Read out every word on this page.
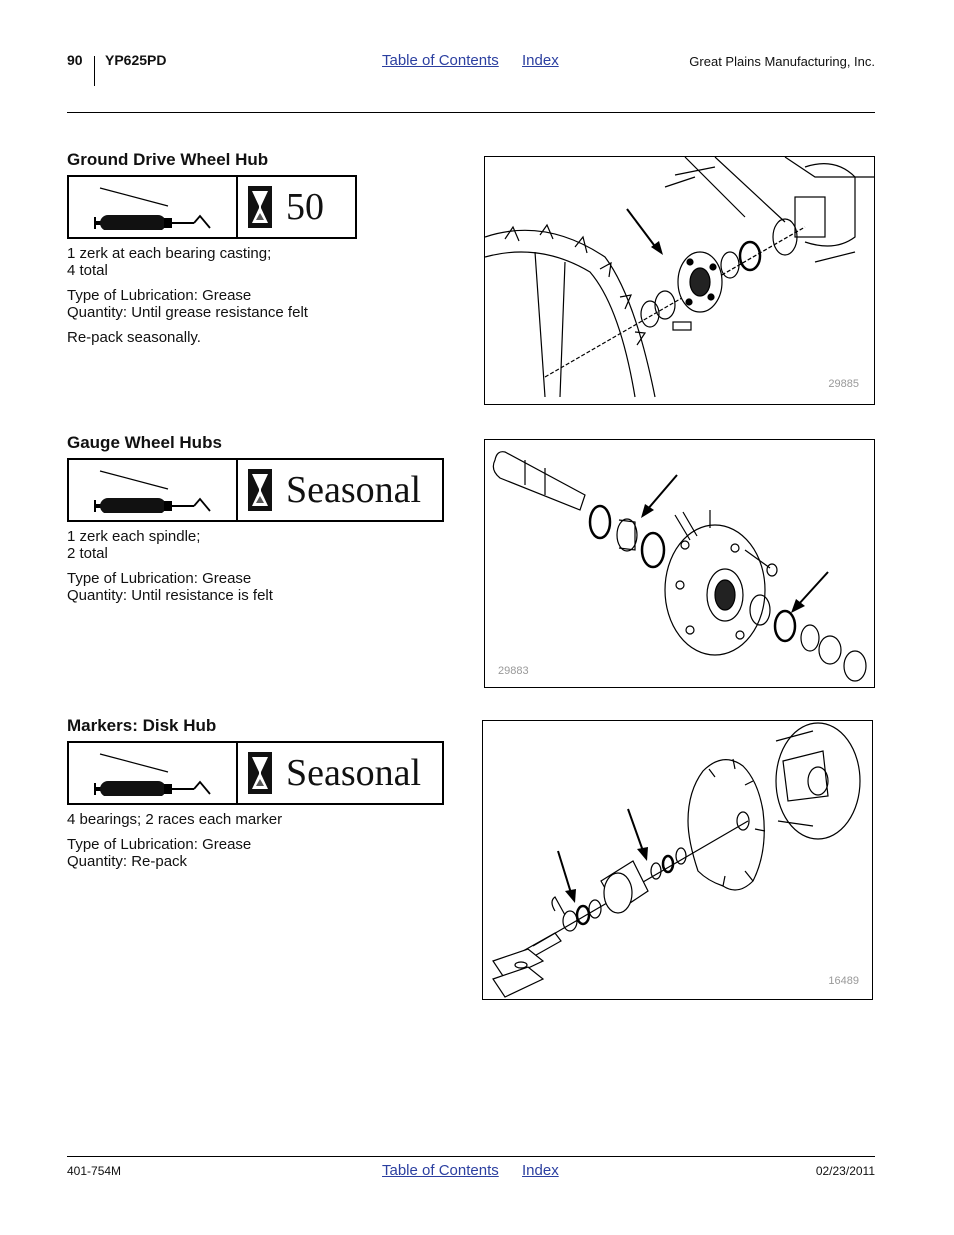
90 YP625PD	Table of Contents Index	Great Plains Manufacturing, Inc.
Ground Drive Wheel Hub
50

1 zerk at each bearing casting;
4 total

Type of Lubrication: Grease
Quantity: Until grease resistance felt

Re-pack seasonally.

29885
Gauge Wheel Hubs
Seasonal

1 zerk each spindle;
2 total

Type of Lubrication: Grease
Quantity: Until resistance is felt

29883
Markers: Disk Hub
Seasonal

4 bearings; 2 races each marker

Type of Lubrication: Grease
Quantity: Re-pack

16489
401-754M	Table of Contents Index	02/23/2011
